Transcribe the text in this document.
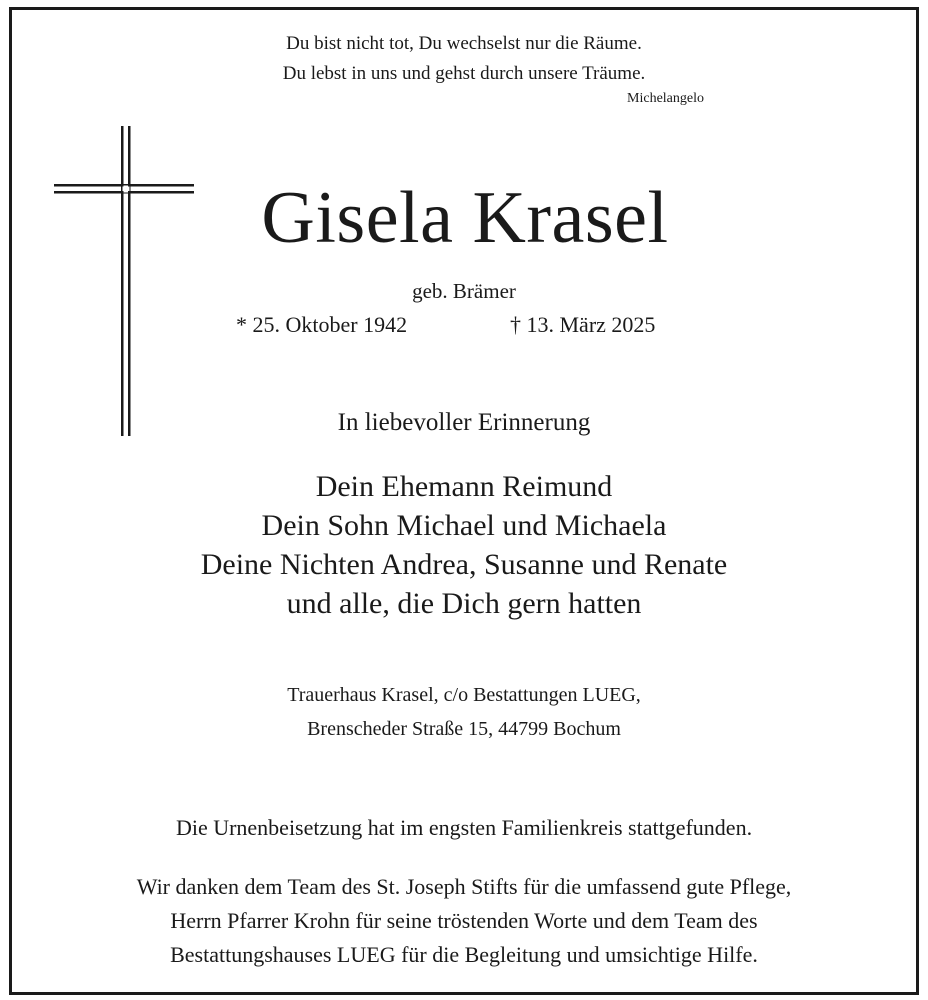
Du bist nicht tot, Du wechselst nur die Räume.
Du lebst in uns und gehst durch unsere Träume.
Michelangelo
Gisela Krasel
geb. Brämer
* 25. Oktober 1942	† 13. März 2025
In liebevoller Erinnerung
Dein Ehemann Reimund
Dein Sohn Michael und Michaela
Deine Nichten Andrea, Susanne und Renate
und alle, die Dich gern hatten
Trauerhaus Krasel, c/o Bestattungen LUEG,
Brenscheder Straße 15, 44799 Bochum
Die Urnenbeisetzung hat im engsten Familienkreis stattgefunden.
Wir danken dem Team des St. Joseph Stifts für die umfassend gute Pflege,
Herrn Pfarrer Krohn für seine tröstenden Worte und dem Team des
Bestattungshauses LUEG für die Begleitung und umsichtige Hilfe.
